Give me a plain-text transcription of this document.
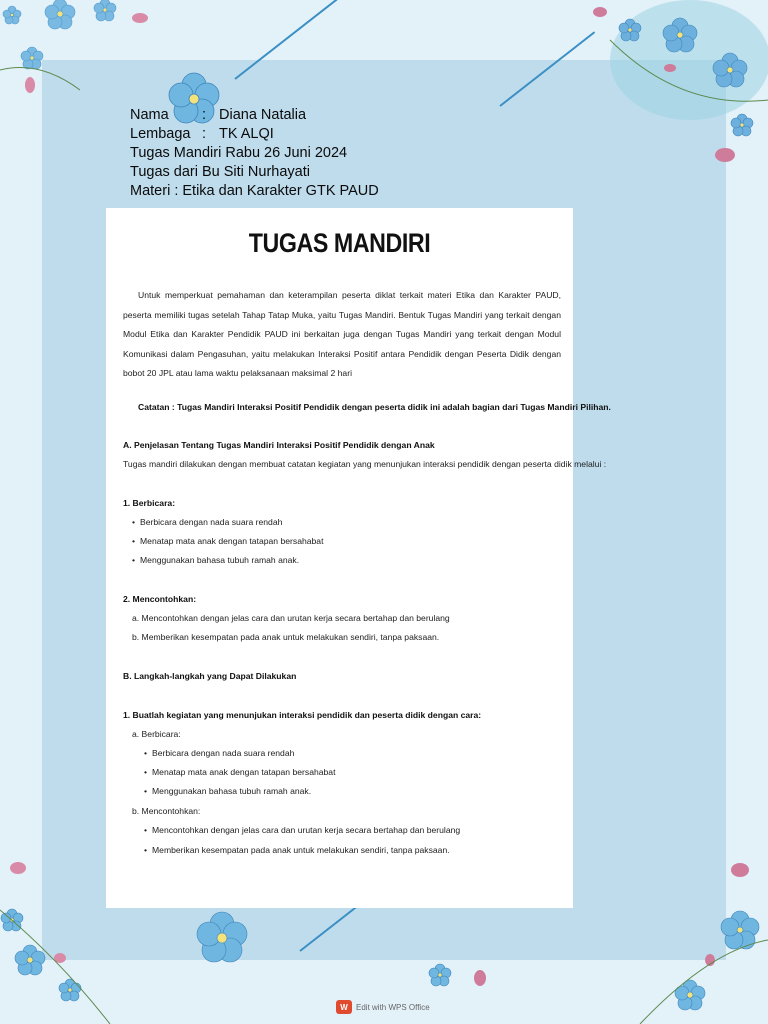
Nama	: Diana Natalia
Lembaga : TK ALQI
Tugas Mandiri Rabu 26 Juni 2024
Tugas dari Bu Siti Nurhayati
Materi : Etika dan Karakter GTK PAUD
TUGAS MANDIRI
Untuk memperkuat pemahaman dan keterampilan peserta diklat terkait materi Etika dan Karakter PAUD, peserta memiliki tugas setelah Tahap Tatap Muka, yaitu Tugas Mandiri. Bentuk Tugas Mandiri yang terkait dengan Modul Etika dan Karakter Pendidik PAUD ini berkaitan juga dengan Tugas Mandiri yang terkait dengan Modul Komunikasi dalam Pengasuhan, yaitu melakukan Interaksi Positif antara Pendidik dengan Peserta Didik dengan bobot 20 JPL atau lama waktu pelaksanaan maksimal 2 hari
Catatan : Tugas Mandiri Interaksi Positif Pendidik dengan peserta didik ini adalah bagian dari Tugas Mandiri Pilihan.
A. Penjelasan Tentang Tugas Mandiri Interaksi Positif Pendidik dengan Anak
Tugas mandiri dilakukan dengan membuat catatan kegiatan yang menunjukan interaksi pendidik dengan peserta didik melalui :
1. Berbicara:
• Berbicara dengan nada suara rendah
• Menatap mata anak dengan tatapan bersahabat
• Menggunakan bahasa tubuh ramah anak.
2. Mencontohkan:
a. Mencontohkan dengan jelas cara dan urutan kerja secara bertahap dan berulang
b. Memberikan kesempatan pada anak untuk melakukan sendiri, tanpa paksaan.
B. Langkah-langkah yang Dapat Dilakukan
1. Buatlah kegiatan yang menunjukan interaksi pendidik dan peserta didik dengan cara:
a. Berbicara:
• Berbicara dengan nada suara rendah
• Menatap mata anak dengan tatapan bersahabat
• Menggunakan bahasa tubuh ramah anak.
b. Mencontohkan:
• Mencontohkan dengan jelas cara dan urutan kerja secara bertahap dan berulang
• Memberikan kesempatan pada anak untuk melakukan sendiri, tanpa paksaan.
W	Edit with WPS Office
